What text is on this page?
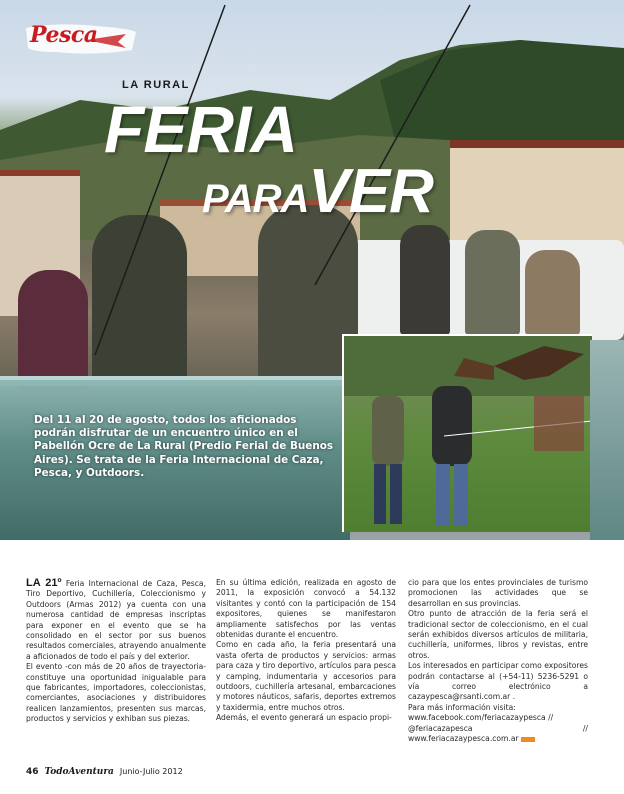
Pesca
LA RURAL
FERIA
PARAVER
Del 11 al 20 de agosto, todos los aficionados podrán disfrutar de un encuentro único en el Pabellón Ocre de La Rural (Predio Ferial de Buenos Aires). Se trata de la Feria Internacional de Caza, Pesca, y Outdoors.

LA 21º Feria Internacional de Caza, Pesca, Tiro Deportivo, Cuchillería, Coleccionismo y Outdoors (Armas 2012) ya cuenta con una numerosa cantidad de empresas inscriptas para exponer en el evento que se ha consolidado en el sector por sus buenos resultados comerciales, atrayendo anualmente a aficionados de todo el país y del exterior.

El evento -con más de 20 años de trayectoria- constituye una oportunidad inigualable para que fabricantes, importadores, coleccionistas, comerciantes, asociaciones y distribuidores realicen lanzamientos, presenten sus marcas, productos y servicios y exhiban sus piezas.

En su última edición, realizada en agosto de 2011, la exposición convocó a 54.132 visitantes y contó con la participación de 154 expositores, quienes se manifestaron ampliamente satisfechos por las ventas obtenidas durante el encuentro.

Como en cada año, la feria presentará una vasta oferta de productos y servicios: armas para caza y tiro deportivo, artículos para pesca y camping, indumentaria y accesorios para outdoors, cuchillería artesanal, embarcaciones y motores náuticos, safaris, deportes extremos y taxidermia, entre muchos otros.

Además, el evento generará un espacio propi-

cio para que los entes provinciales de turismo promocionen las actividades que se desarrollan en sus provincias.

Otro punto de atracción de la feria será el tradicional sector de coleccionismo, en el cual serán exhibidos diversos artículos de militaria, cuchillería, uniformes, libros y revistas, entre otros.

Los interesados en participar como expositores podrán contactarse al (+54-11) 5236-5291 o vía correo electrónico a cazaypesca@rsanti.com.ar .

Para más información visita:

www.facebook.com/feriacazaypesca //

@feriacazapesca // www.feriacazaypesca.com.ar

46 TodoAventura Junio-Julio 2012
